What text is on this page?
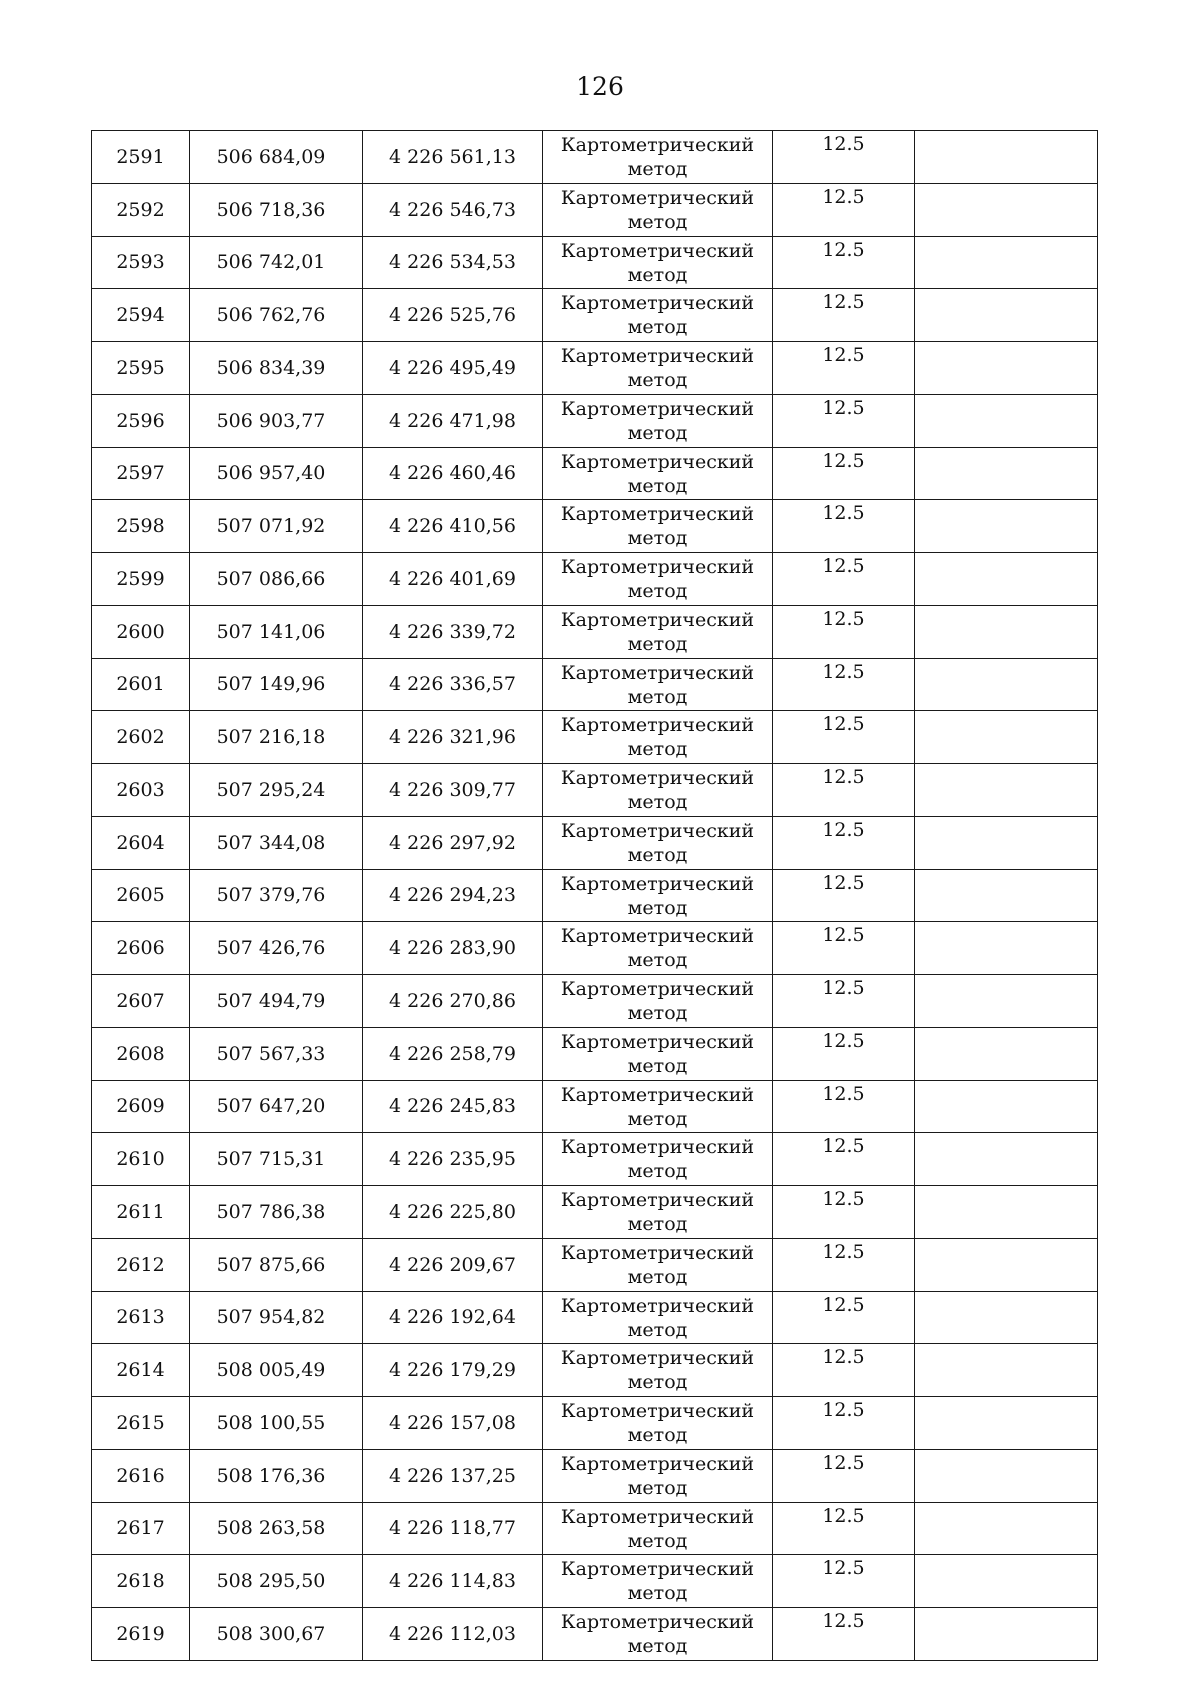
126
2591	506 684,09	4 226 561,13	Картометрический
метод	12.5	
2592	506 718,36	4 226 546,73	Картометрический
метод	12.5	
2593	506 742,01	4 226 534,53	Картометрический
метод	12.5	
2594	506 762,76	4 226 525,76	Картометрический
метод	12.5	
2595	506 834,39	4 226 495,49	Картометрический
метод	12.5	
2596	506 903,77	4 226 471,98	Картометрический
метод	12.5	
2597	506 957,40	4 226 460,46	Картометрический
метод	12.5	
2598	507 071,92	4 226 410,56	Картометрический
метод	12.5	
2599	507 086,66	4 226 401,69	Картометрический
метод	12.5	
2600	507 141,06	4 226 339,72	Картометрический
метод	12.5	
2601	507 149,96	4 226 336,57	Картометрический
метод	12.5	
2602	507 216,18	4 226 321,96	Картометрический
метод	12.5	
2603	507 295,24	4 226 309,77	Картометрический
метод	12.5	
2604	507 344,08	4 226 297,92	Картометрический
метод	12.5	
2605	507 379,76	4 226 294,23	Картометрический
метод	12.5	
2606	507 426,76	4 226 283,90	Картометрический
метод	12.5	
2607	507 494,79	4 226 270,86	Картометрический
метод	12.5	
2608	507 567,33	4 226 258,79	Картометрический
метод	12.5	
2609	507 647,20	4 226 245,83	Картометрический
метод	12.5	
2610	507 715,31	4 226 235,95	Картометрический
метод	12.5	
2611	507 786,38	4 226 225,80	Картометрический
метод	12.5	
2612	507 875,66	4 226 209,67	Картометрический
метод	12.5	
2613	507 954,82	4 226 192,64	Картометрический
метод	12.5	
2614	508 005,49	4 226 179,29	Картометрический
метод	12.5	
2615	508 100,55	4 226 157,08	Картометрический
метод	12.5	
2616	508 176,36	4 226 137,25	Картометрический
метод	12.5	
2617	508 263,58	4 226 118,77	Картометрический
метод	12.5	
2618	508 295,50	4 226 114,83	Картометрический
метод	12.5	
2619	508 300,67	4 226 112,03	Картометрический
метод	12.5	
